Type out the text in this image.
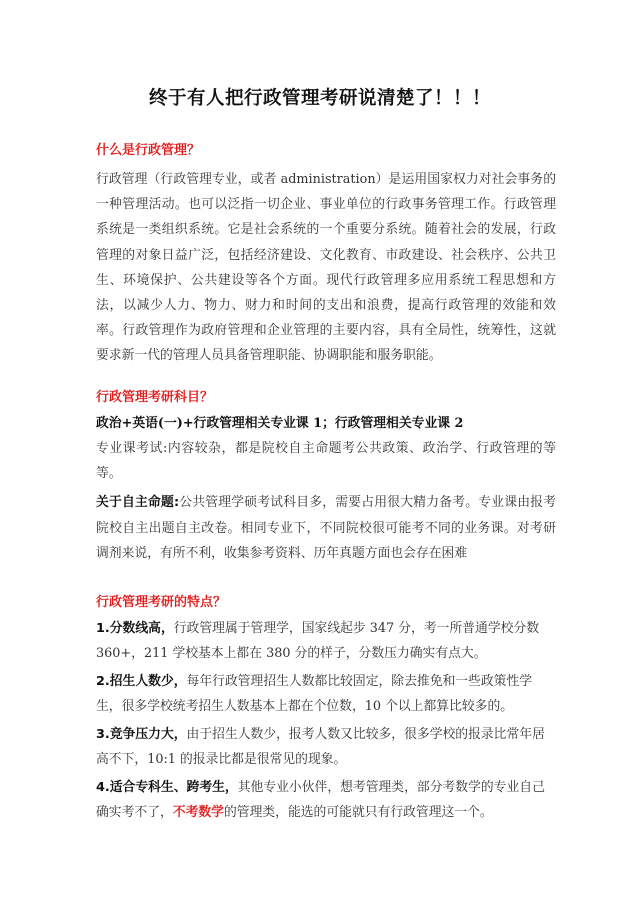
终于有人把行政管理考研说清楚了！！！
什么是行政管理？
行政管理（行政管理专业，或者 administration）是运用国家权力对社会事务的一种管理活动。也可以泛指一切企业、事业单位的行政事务管理工作。行政管理系统是一类组织系统。它是社会系统的一个重要分系统。随着社会的发展，行政管理的对象日益广泛，包括经济建设、文化教育、市政建设、社会秩序、公共卫生、环境保护、公共建设等各个方面。现代行政管理多应用系统工程思想和方法，以减少人力、物力、财力和时间的支出和浪费，提高行政管理的效能和效率。行政管理作为政府管理和企业管理的主要内容，具有全局性，统筹性，这就要求新一代的管理人员具备管理职能、协调职能和服务职能。
行政管理考研科目？
政治+英语(一)+行政管理相关专业课 1；行政管理相关专业课 2
专业课考试:内容较杂，都是院校自主命题考公共政策、政治学、行政管理的等等。
关于自主命题:公共管理学硕考试科目多，需要占用很大精力备考。专业课由报考院校自主出题自主改卷。相同专业下，不同院校很可能考不同的业务课。对考研调剂来说，有所不利，收集参考资料、历年真题方面也会存在困难
行政管理考研的特点？
1.分数线高，行政管理属于管理学，国家线起步 347 分，考一所普通学校分数 360+，211 学校基本上都在 380 分的样子，分数压力确实有点大。
2.招生人数少，每年行政管理招生人数都比较固定，除去推免和一些政策性学生，很多学校统考招生人数基本上都在个位数，10 个以上都算比较多的。
3.竞争压力大，由于招生人数少，报考人数又比较多，很多学校的报录比常年居高不下，10:1 的报录比都是很常见的现象。
4.适合专科生、跨考生，其他专业小伙伴，想考管理类，部分考数学的专业自己确实考不了，不考数学的管理类，能选的可能就只有行政管理这一个。
